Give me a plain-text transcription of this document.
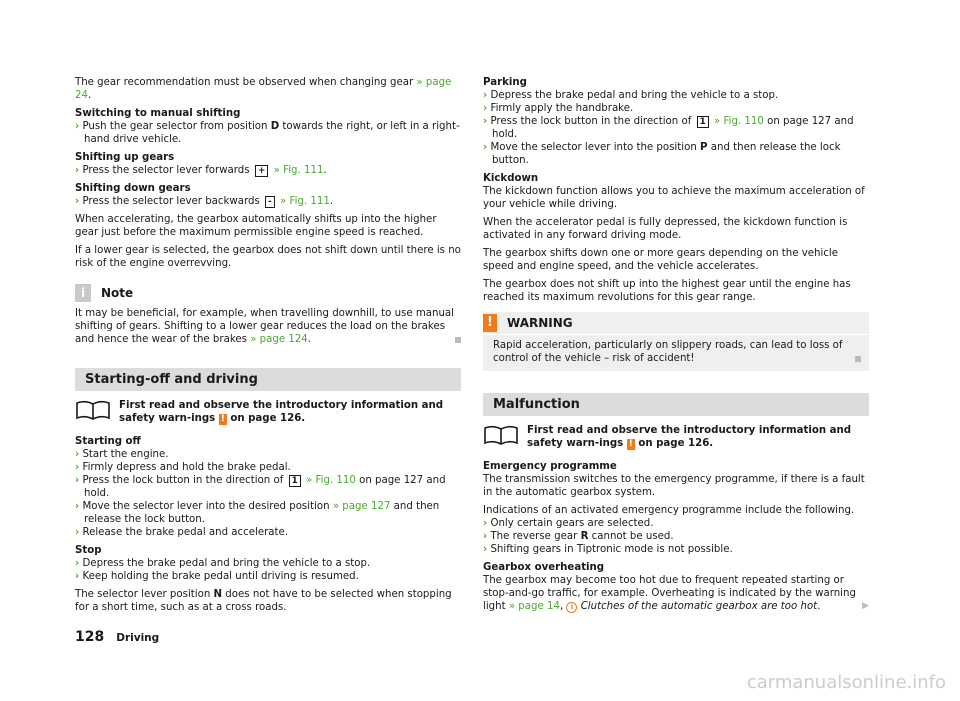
The gear recommendation must be observed when changing gear » page 24.

Switching to manual shifting

› Push the gear selector from position D towards the right, or left in a right-hand drive vehicle.

Shifting up gears

› Press the selector lever forwards + » Fig. 111.

Shifting down gears

› Press the selector lever backwards - » Fig. 111.

When accelerating, the gearbox automatically shifts up into the higher gear just before the maximum permissible engine speed is reached.

If a lower gear is selected, the gearbox does not shift down until there is no risk of the engine overrevving.

i	Note

It may be beneficial, for example, when travelling downhill, to use manual shifting of gears. Shifting to a lower gear reduces the load on the brakes and hence the wear of the brakes » page 124.

Starting-off and driving
First read and observe the introductory information and safety warn-ings ! on page 126.

Starting off

› Start the engine.

› Firmly depress and hold the brake pedal.

› Press the lock button in the direction of 1 » Fig. 110 on page 127 and hold.

› Move the selector lever into the desired position » page 127 and then release the lock button.

› Release the brake pedal and accelerate.

Stop

› Depress the brake pedal and bring the vehicle to a stop.

› Keep holding the brake pedal until driving is resumed.

The selector lever position N does not have to be selected when stopping for a short time, such as at a cross roads.

Parking

› Depress the brake pedal and bring the vehicle to a stop.

› Firmly apply the handbrake.

› Press the lock button in the direction of 1 » Fig. 110 on page 127 and hold.

› Move the selector lever into the position P and then release the lock button.

Kickdown

The kickdown function allows you to achieve the maximum acceleration of your vehicle while driving.

When the accelerator pedal is fully depressed, the kickdown function is activated in any forward driving mode.

The gearbox shifts down one or more gears depending on the vehicle speed and engine speed, and the vehicle accelerates.

The gearbox does not shift up into the highest gear until the engine has reached its maximum revolutions for this gear range.

!	WARNING
Rapid acceleration, particularly on slippery roads, can lead to loss of control of the vehicle – risk of accident!
Malfunction
First read and observe the introductory information and safety warn-ings ! on page 126.

Emergency programme

The transmission switches to the emergency programme, if there is a fault in the automatic gearbox system.

Indications of an activated emergency programme include the following.

› Only certain gears are selected.

› The reverse gear R cannot be used.

› Shifting gears in Tiptronic mode is not possible.

Gearbox overheating

The gearbox may become too hot due to frequent repeated starting or stop-and-go traffic, for example. Overheating is indicated by the warning light » page 14, i Clutches of the automatic gearbox are too hot.	▶

128 Driving
carmanualsonline.info
